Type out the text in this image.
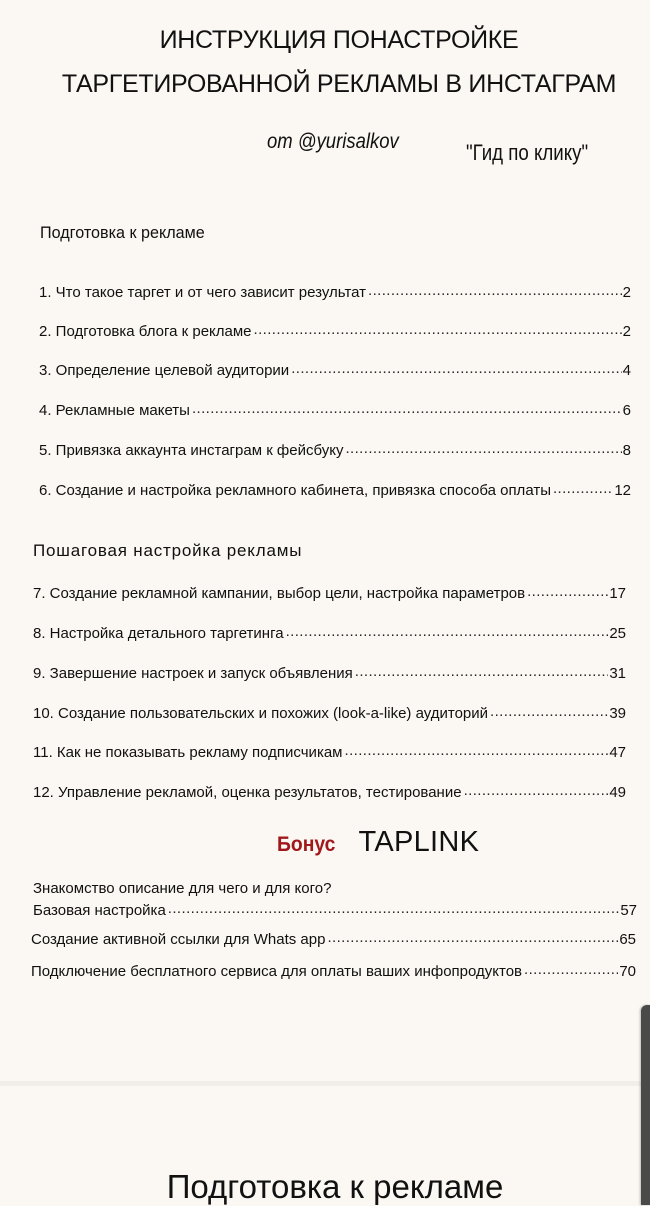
ИНСТРУКЦИЯ ПОНАСТРОЙКЕ
ТАРГЕТИРОВАННОЙ РЕКЛАМЫ В ИНСТАГРАМ
от @yurisalkov	"Гид по клику"
Подготовка к рекламе
1. Что такое таргет и от чего зависит результат .....	2
2. Подготовка блога к рекламе .....	2
3. Определение целевой аудитории .....	4
4. Рекламные макеты .....	6
5. Привязка аккаунта инстаграм к фейсбуку .....	8
6. Создание и настройка рекламного кабинета, привязка способа оплаты .....	12
Пошаговая настройка рекламы
7. Создание рекламной кампании, выбор цели, настройка параметров .....	17
8. Настройка детального таргетинга .....	25
9. Завершение настроек и запуск объявления .....	31
10. Создание пользовательских и похожих (look-a-like) аудиторий .....	39
11. Как не показывать рекламу подписчикам .....	47
12. Управление рекламой, оценка результатов, тестирование .....	49
Бонус TAPLINK
Знакомство описание для чего и для кого?
Базовая настройка .....	57
Создание активной ссылки для Whats app .....	65
Подключение бесплатного сервиса для оплаты ваших инфопродуктов .....	70
Подготовка к рекламе
